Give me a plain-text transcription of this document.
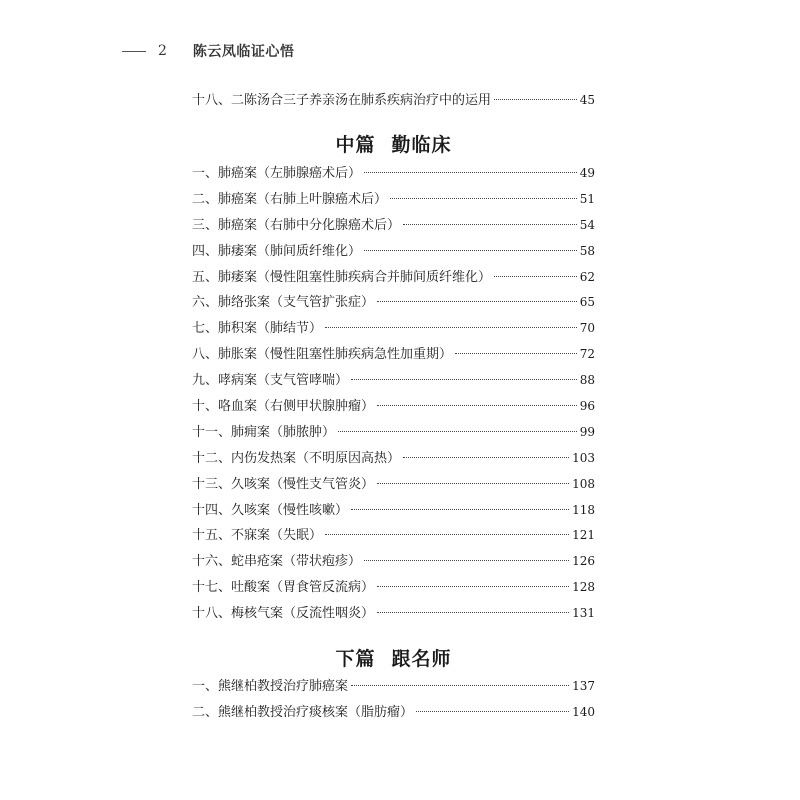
2 陈云凤临证心悟
十八、二陈汤合三子养亲汤在肺系疾病治疗中的运用	45
中篇 勤临床
一、肺癌案（左肺腺癌术后）	49
二、肺癌案（右肺上叶腺癌术后）	51
三、肺癌案（右肺中分化腺癌术后）	54
四、肺痿案（肺间质纤维化）	58
五、肺痿案（慢性阻塞性肺疾病合并肺间质纤维化）	62
六、肺络张案（支气管扩张症）	65
七、肺积案（肺结节）	70
八、肺胀案（慢性阻塞性肺疾病急性加重期）	72
九、哮病案（支气管哮喘）	88
十、咯血案（右侧甲状腺肿瘤）	96
十一、肺痈案（肺脓肿）	99
十二、内伤发热案（不明原因高热）	103
十三、久咳案（慢性支气管炎）	108
十四、久咳案（慢性咳嗽）	118
十五、不寐案（失眠）	121
十六、蛇串疮案（带状疱疹）	126
十七、吐酸案（胃食管反流病）	128
十八、梅核气案（反流性咽炎）	131
下篇 跟名师
一、熊继柏教授治疗肺癌案	137
二、熊继柏教授治疗痰核案（脂肪瘤）	140
